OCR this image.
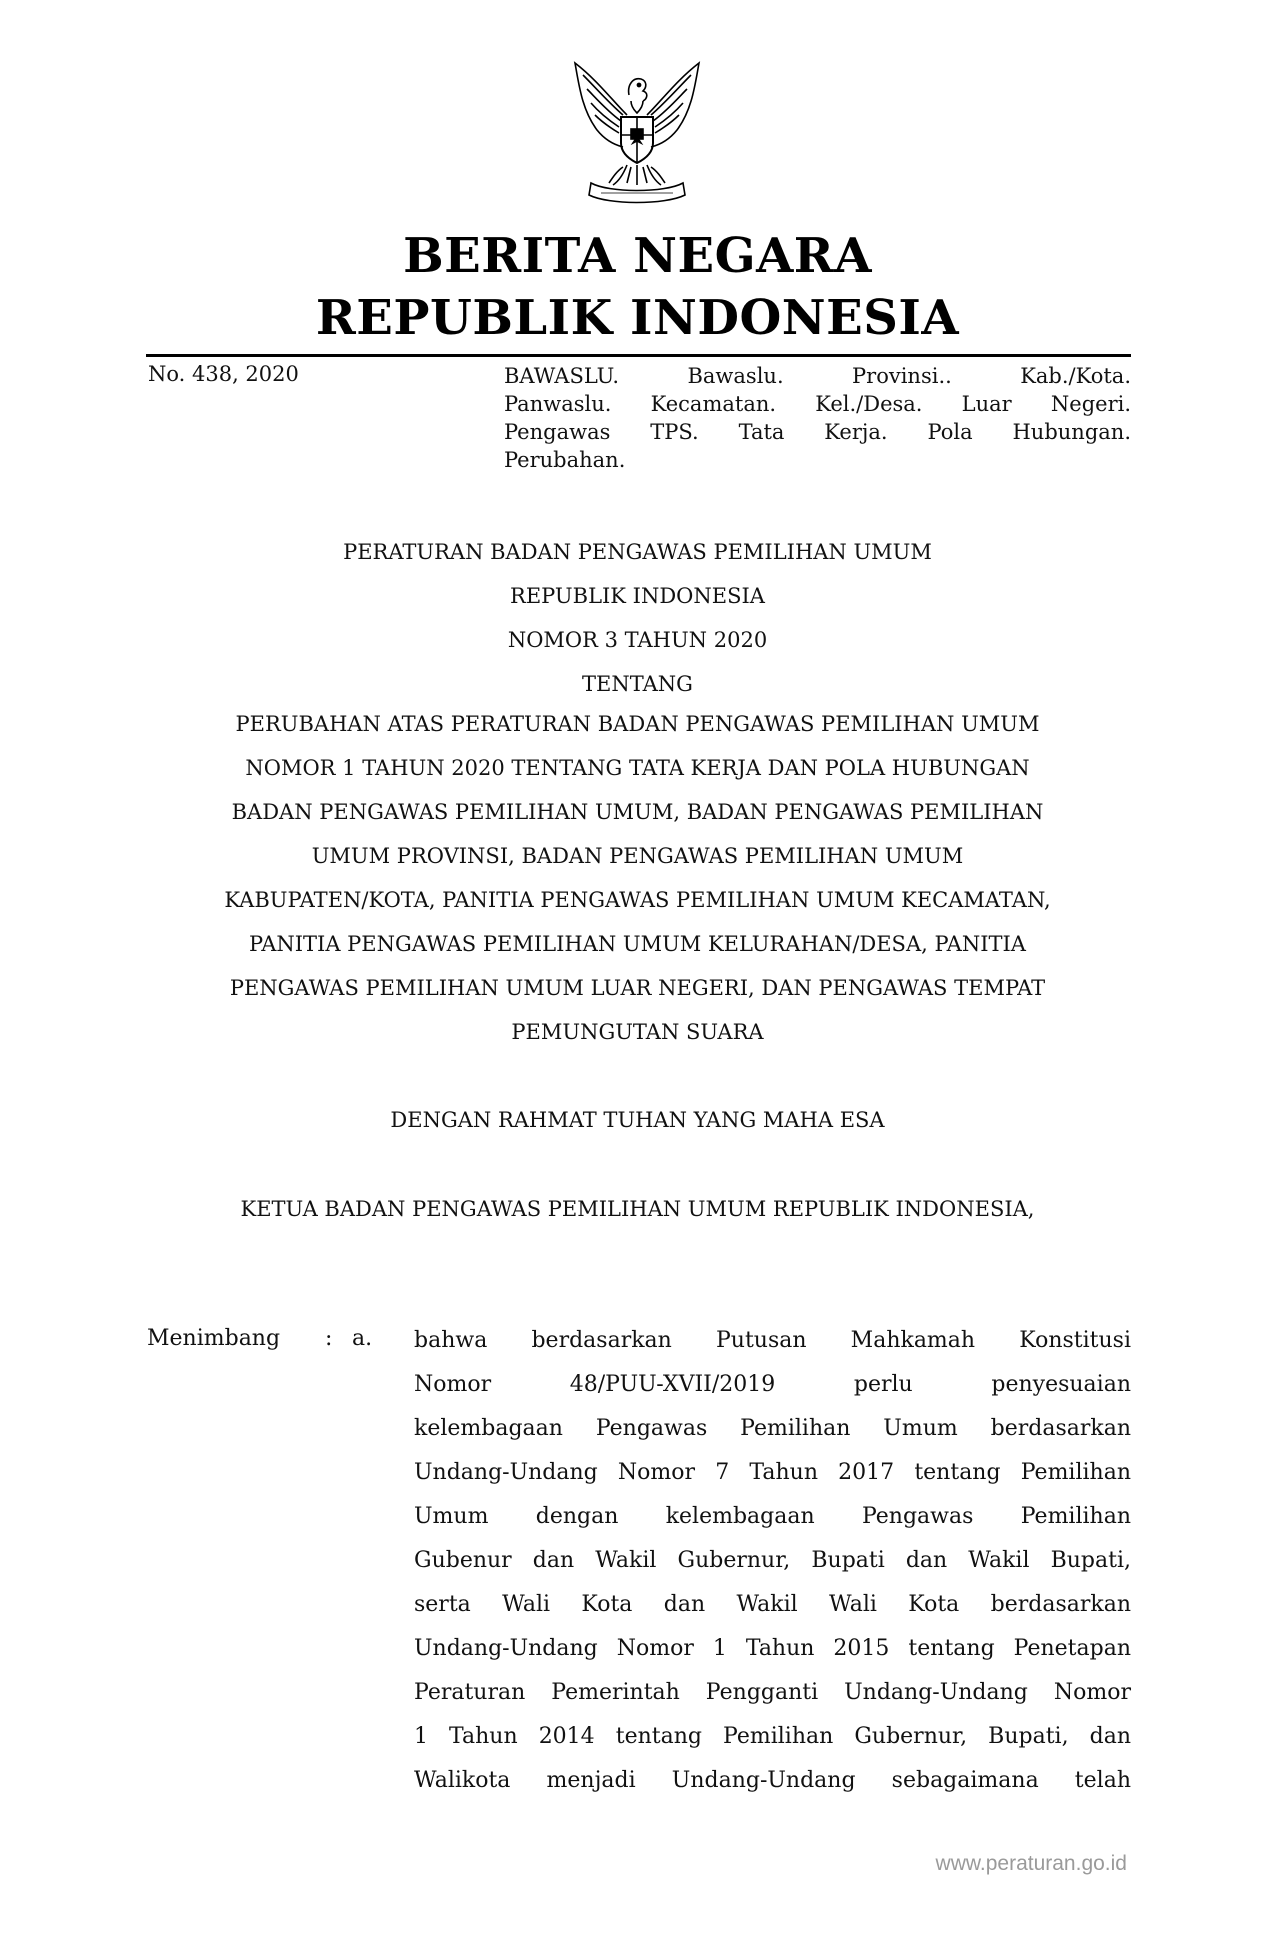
BERITA NEGARA
REPUBLIK INDONESIA
No. 438, 2020	BAWASLU. Bawaslu. Provinsi.. Kab./Kota.
Panwaslu. Kecamatan. Kel./Desa. Luar Negeri.
Pengawas TPS. Tata Kerja. Pola Hubungan.
Perubahan.
PERATURAN BADAN PENGAWAS PEMILIHAN UMUM
REPUBLIK INDONESIA
NOMOR 3 TAHUN 2020
TENTANG
PERUBAHAN ATAS PERATURAN BADAN PENGAWAS PEMILIHAN UMUM
NOMOR 1 TAHUN 2020 TENTANG TATA KERJA DAN POLA HUBUNGAN
BADAN PENGAWAS PEMILIHAN UMUM, BADAN PENGAWAS PEMILIHAN
UMUM PROVINSI, BADAN PENGAWAS PEMILIHAN UMUM
KABUPATEN/KOTA, PANITIA PENGAWAS PEMILIHAN UMUM KECAMATAN,
PANITIA PENGAWAS PEMILIHAN UMUM KELURAHAN/DESA, PANITIA
PENGAWAS PEMILIHAN UMUM LUAR NEGERI, DAN PENGAWAS TEMPAT
PEMUNGUTAN SUARA
DENGAN RAHMAT TUHAN YANG MAHA ESA
KETUA BADAN PENGAWAS PEMILIHAN UMUM REPUBLIK INDONESIA,
Menimbang : a. bahwa berdasarkan Putusan Mahkamah Konstitusi
Nomor 48/PUU-XVII/2019 perlu penyesuaian
kelembagaan Pengawas Pemilihan Umum berdasarkan
Undang-Undang Nomor 7 Tahun 2017 tentang Pemilihan
Umum dengan kelembagaan Pengawas Pemilihan
Gubenur dan Wakil Gubernur, Bupati dan Wakil Bupati,
serta Wali Kota dan Wakil Wali Kota berdasarkan
Undang-Undang Nomor 1 Tahun 2015 tentang Penetapan
Peraturan Pemerintah Pengganti Undang-Undang Nomor
1 Tahun 2014 tentang Pemilihan Gubernur, Bupati, dan
Walikota menjadi Undang-Undang sebagaimana telah
www.peraturan.go.id
